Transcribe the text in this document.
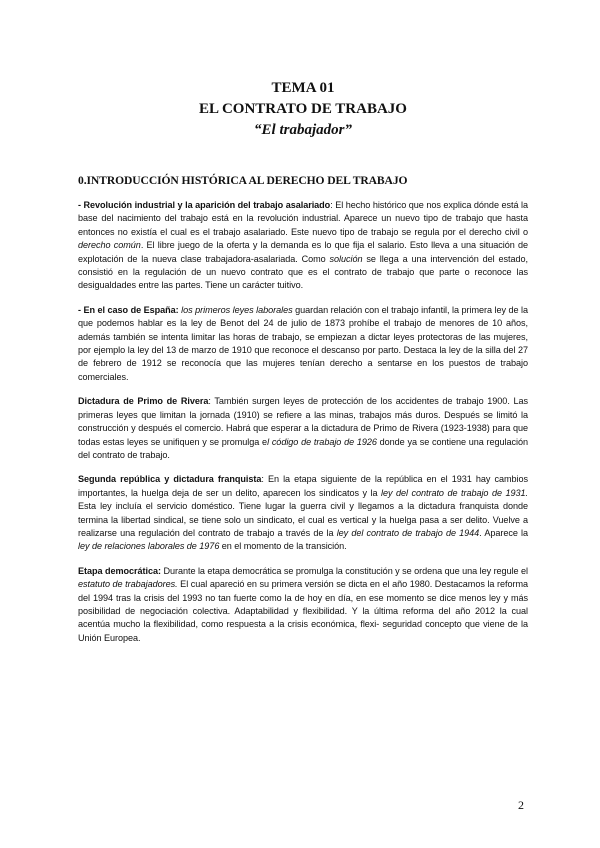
TEMA 01
EL CONTRATO DE TRABAJO
“El trabajador”
0.INTRODUCCIÓN HISTÓRICA AL DERECHO DEL TRABAJO

- Revolución industrial y la aparición del trabajo asalariado: El hecho histórico que nos explica dónde está la base del nacimiento del trabajo está en la revolución industrial. Aparece un nuevo tipo de trabajo que hasta entonces no existía el cual es el trabajo asalariado. Este nuevo tipo de trabajo se regula por el derecho civil o derecho común. El libre juego de la oferta y la demanda es lo que fija el salario. Esto lleva a una situación de explotación de la nueva clase trabajadora-asalariada. Como solución se llega a una intervención del estado, consistió en la regulación de un nuevo contrato que es el contrato de trabajo que parte o reconoce las desigualdades entre las partes. Tiene un carácter tuitivo.

- En el caso de España: los primeros leyes laborales guardan relación con el trabajo infantil, la primera ley de la que podemos hablar es la ley de Benot del 24 de julio de 1873 prohíbe el trabajo de menores de 10 años, además también se intenta limitar las horas de trabajo, se empiezan a dictar leyes protectoras de las mujeres, por ejemplo la ley del 13 de marzo de 1910 que reconoce el descanso por parto. Destaca la ley de la silla del 27 de febrero de 1912 se reconocía que las mujeres tenían derecho a sentarse en los puestos de trabajo comerciales.

Dictadura de Primo de Rivera: También surgen leyes de protección de los accidentes de trabajo 1900. Las primeras leyes que limitan la jornada (1910) se refiere a las minas, trabajos más duros. Después se limitó la construcción y después el comercio. Habrá que esperar a la dictadura de Primo de Rivera (1923-1938) para que todas estas leyes se unifiquen y se promulga el código de trabajo de 1926 donde ya se contiene una regulación del contrato de trabajo.

Segunda república y dictadura franquista: En la etapa siguiente de la república en el 1931 hay cambios importantes, la huelga deja de ser un delito, aparecen los sindicatos y la ley del contrato de trabajo de 1931. Esta ley incluía el servicio doméstico. Tiene lugar la guerra civil y llegamos a la dictadura franquista donde termina la libertad sindical, se tiene solo un sindicato, el cual es vertical y la huelga pasa a ser delito. Vuelve a realizarse una regulación del contrato de trabajo a través de la ley del contrato de trabajo de 1944. Aparece la ley de relaciones laborales de 1976 en el momento de la transición.

Etapa democrática: Durante la etapa democrática se promulga la constitución y se ordena que una ley regule el estatuto de trabajadores. El cual apareció en su primera versión se dicta en el año 1980. Destacamos la reforma del 1994 tras la crisis del 1993 no tan fuerte como la de hoy en día, en ese momento se dice menos ley y más posibilidad de negociación colectiva. Adaptabilidad y flexibilidad. Y la última reforma del año 2012 la cual acentúa mucho la flexibilidad, como respuesta a la crisis económica, flexi- seguridad concepto que viene de la Unión Europea.

2
